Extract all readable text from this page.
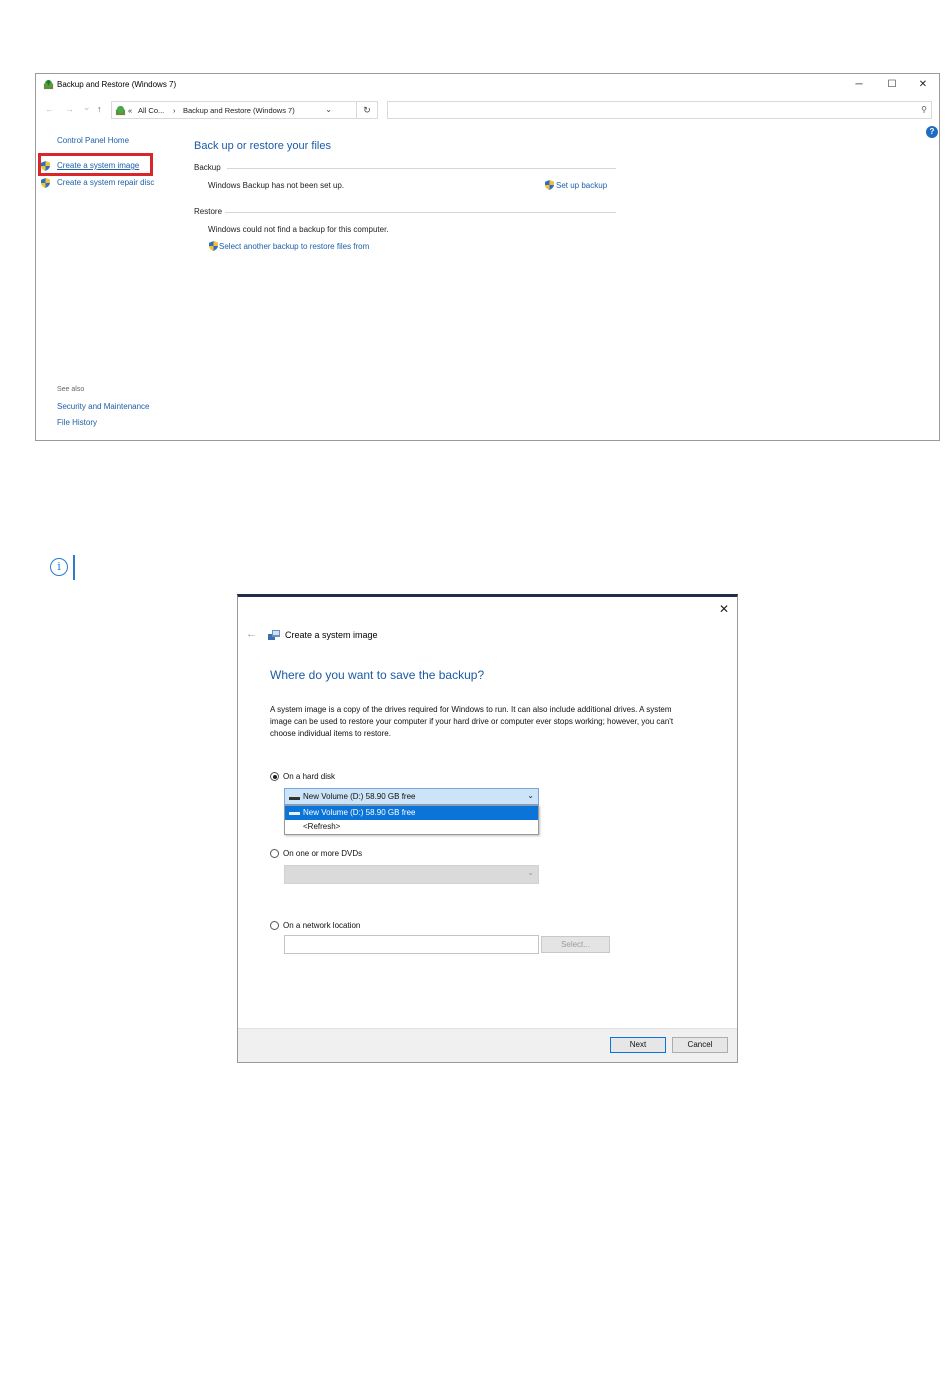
Backup and Restore (Windows 7)	─	☐	✕
← → ⌄ ↑	« All Co... › Backup and Restore (Windows 7)	⌄	↻	⚲
?
Control Panel Home
Create a system image
Create a system repair disc
See also
Security and Maintenance
File History
Back up or restore your files
Backup
Windows Backup has not been set up.	Set up backup
Restore
Windows could not find a backup for this computer.
Select another backup to restore files from
i
✕
←	Create a system image
Where do you want to save the backup?

A system image is a copy of the drives required for Windows to run. It can also include additional drives. A system image can be used to restore your computer if your hard drive or computer ever stops working; however, you can't choose individual items to restore.

On a hard disk
New Volume (D:) 58.90 GB free	⌄
New Volume (D:) 58.90 GB free
<Refresh>
On one or more DVDs
⌄
On a network location
Select...
Next	Cancel
